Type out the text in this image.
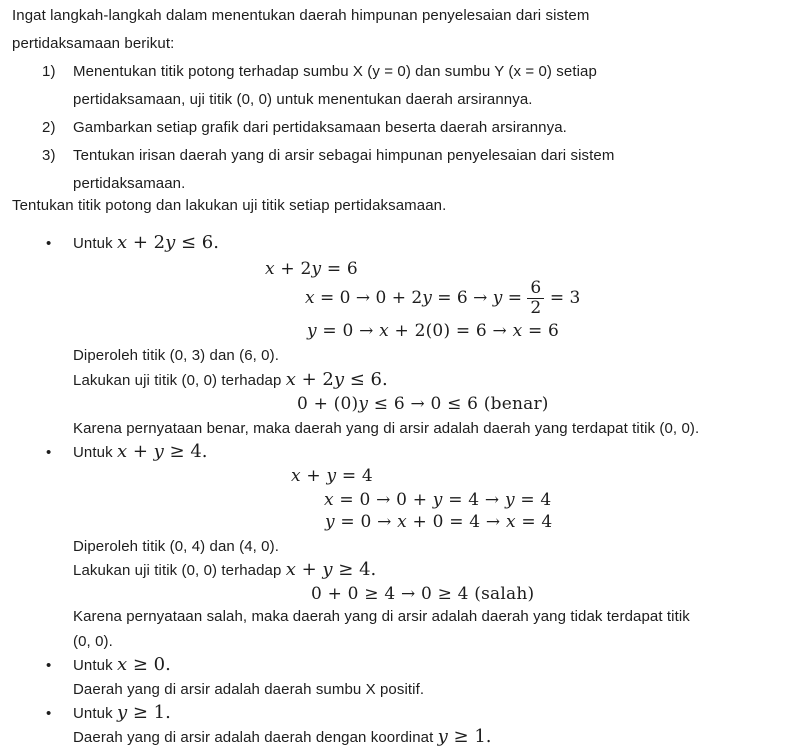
Ingat langkah-langkah dalam menentukan daerah himpunan penyelesaian dari sistem
pertidaksamaan berikut:
1) Menentukan titik potong terhadap sumbu X (y = 0) dan sumbu Y (x = 0) setiap
pertidaksamaan, uji titik (0, 0) untuk menentukan daerah arsirannya.
2) Gambarkan setiap grafik dari pertidaksamaan beserta daerah arsirannya.
3) Tentukan irisan daerah yang di arsir sebagai himpunan penyelesaian dari sistem
pertidaksamaan.
Tentukan titik potong dan lakukan uji titik setiap pertidaksamaan.
• Untuk x + 2y ≤ 6.
x + 2y = 6
$x = 0 \to 0 + 2y = 6 \to y = \frac{6}{2} = 3$
y = 0 → x + 2(0) = 6 → x = 6
Diperoleh titik (0, 3) dan (6, 0).
Lakukan uji titik (0, 0) terhadap x + 2y ≤ 6.
0 + (0)y ≤ 6 → 0 ≤ 6 (benar)
Karena pernyataan benar, maka daerah yang di arsir adalah daerah yang terdapat titik (0, 0).
• Untuk x + y ≥ 4.
x + y = 4
x = 0 → 0 + y = 4 → y = 4
y = 0 → x + 0 = 4 → x = 4
Diperoleh titik (0, 4) dan (4, 0).
Lakukan uji titik (0, 0) terhadap x + y ≥ 4.
0 + 0 ≥ 4 → 0 ≥ 4 (salah)
Karena pernyataan salah, maka daerah yang di arsir adalah daerah yang tidak terdapat titik
(0, 0).
• Untuk x ≥ 0.
Daerah yang di arsir adalah daerah sumbu X positif.
• Untuk y ≥ 1.
Daerah yang di arsir adalah daerah dengan koordinat y ≥ 1.
